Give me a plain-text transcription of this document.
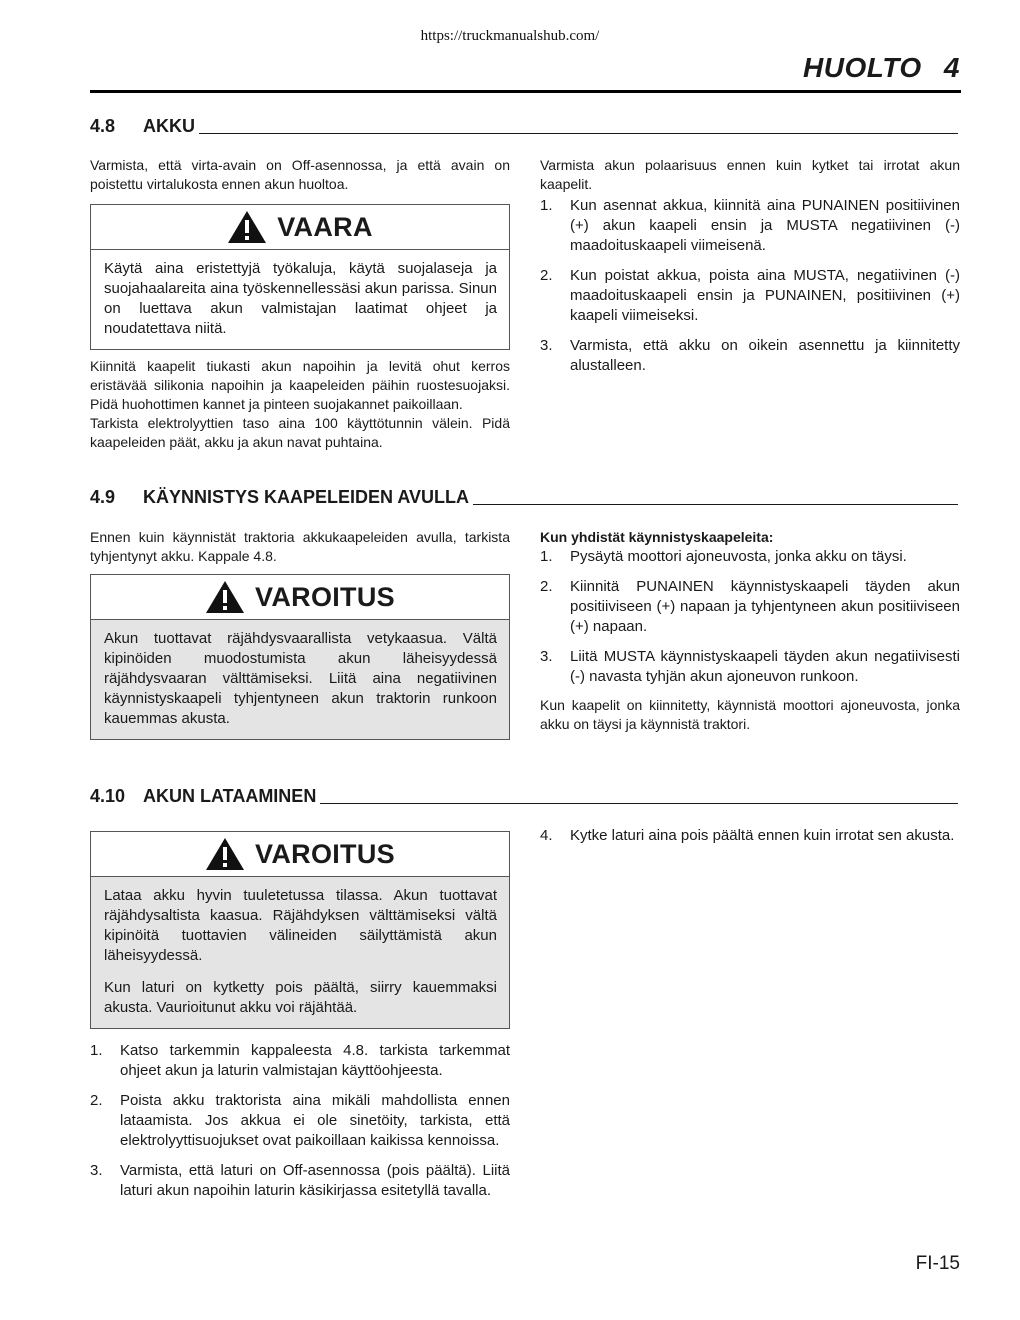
https://truckmanualshub.com/
HUOLTO 4
4.8	AKKU

Varmista, että virta-avain on Off-asennossa, ja että avain on poistettu virtalukosta ennen akun huoltoa.

VAARA

Käytä aina eristettyjä työkaluja, käytä suojalaseja ja suojahaalareita aina työskennellessäsi akun parissa. Sinun on luettava akun valmistajan laatimat ohjeet ja noudatettava niitä.

Kiinnitä kaapelit tiukasti akun napoihin ja levitä ohut kerros eristävää silikonia napoihin ja kaapeleiden päihin ruostesuojaksi. Pidä huohottimen kannet ja pinteen suojakannet paikoillaan.

Tarkista elektrolyyttien taso aina 100 käyttötunnin välein. Pidä kaapeleiden päät, akku ja akun navat puhtaina.

Varmista akun polaarisuus ennen kuin kytket tai irrotat akun kaapelit.

1.	Kun asennat akkua, kiinnitä aina PUNAINEN positiivinen (+) akun kaapeli ensin ja MUSTA negatiivinen (-) maadoituskaapeli viimeisenä.
2.	Kun poistat akkua, poista aina MUSTA, negatiivinen (-) maadoituskaapeli ensin ja PUNAINEN, positiivinen (+) kaapeli viimeiseksi.
3.	Varmista, että akku on oikein asennettu ja kiinnitetty alustalleen.
4.9	KÄYNNISTYS KAAPELEIDEN AVULLA

Ennen kuin käynnistät traktoria akkukaapeleiden avulla, tarkista tyhjentynyt akku. Kappale 4.8.

VAROITUS

Akun tuottavat räjähdysvaarallista vetykaasua. Vältä kipinöiden muodostumista akun läheisyydessä räjähdysvaaran välttämiseksi. Liitä aina negatiivinen käynnistyskaapeli tyhjentyneen akun traktorin runkoon kauemmas akusta.

Kun yhdistät käynnistyskaapeleita:

1.	Pysäytä moottori ajoneuvosta, jonka akku on täysi.
2.	Kiinnitä PUNAINEN käynnistyskaapeli täyden akun positiiviseen (+) napaan ja tyhjentyneen akun positiiviseen (+) napaan.
3.	Liitä MUSTA käynnistyskaapeli täyden akun negatiivisesti (-) navasta tyhjän akun ajoneuvon runkoon.

Kun kaapelit on kiinnitetty, käynnistä moottori ajoneuvosta, jonka akku on täysi ja käynnistä traktori.

4.10 AKUN LATAAMINEN
VAROITUS

Lataa akku hyvin tuuletetussa tilassa. Akun tuottavat räjähdysaltista kaasua. Räjähdyksen välttämiseksi vältä kipinöitä tuottavien välineiden säilyttämistä akun läheisyydessä.

Kun laturi on kytketty pois päältä, siirry kauemmaksi akusta. Vaurioitunut akku voi räjähtää.

1.	Katso tarkemmin kappaleesta 4.8. tarkista tarkemmat ohjeet akun ja laturin valmistajan käyttöohjeesta.
2.	Poista akku traktorista aina mikäli mahdollista ennen lataamista. Jos akkua ei ole sinetöity, tarkista, että elektrolyyttisuojukset ovat paikoillaan kaikissa kennoissa.
3.	Varmista, että laturi on Off-asennossa (pois päältä). Liitä laturi akun napoihin laturin käsikirjassa esitetyllä tavalla.
4.	Kytke laturi aina pois päältä ennen kuin irrotat sen akusta.
FI-15
